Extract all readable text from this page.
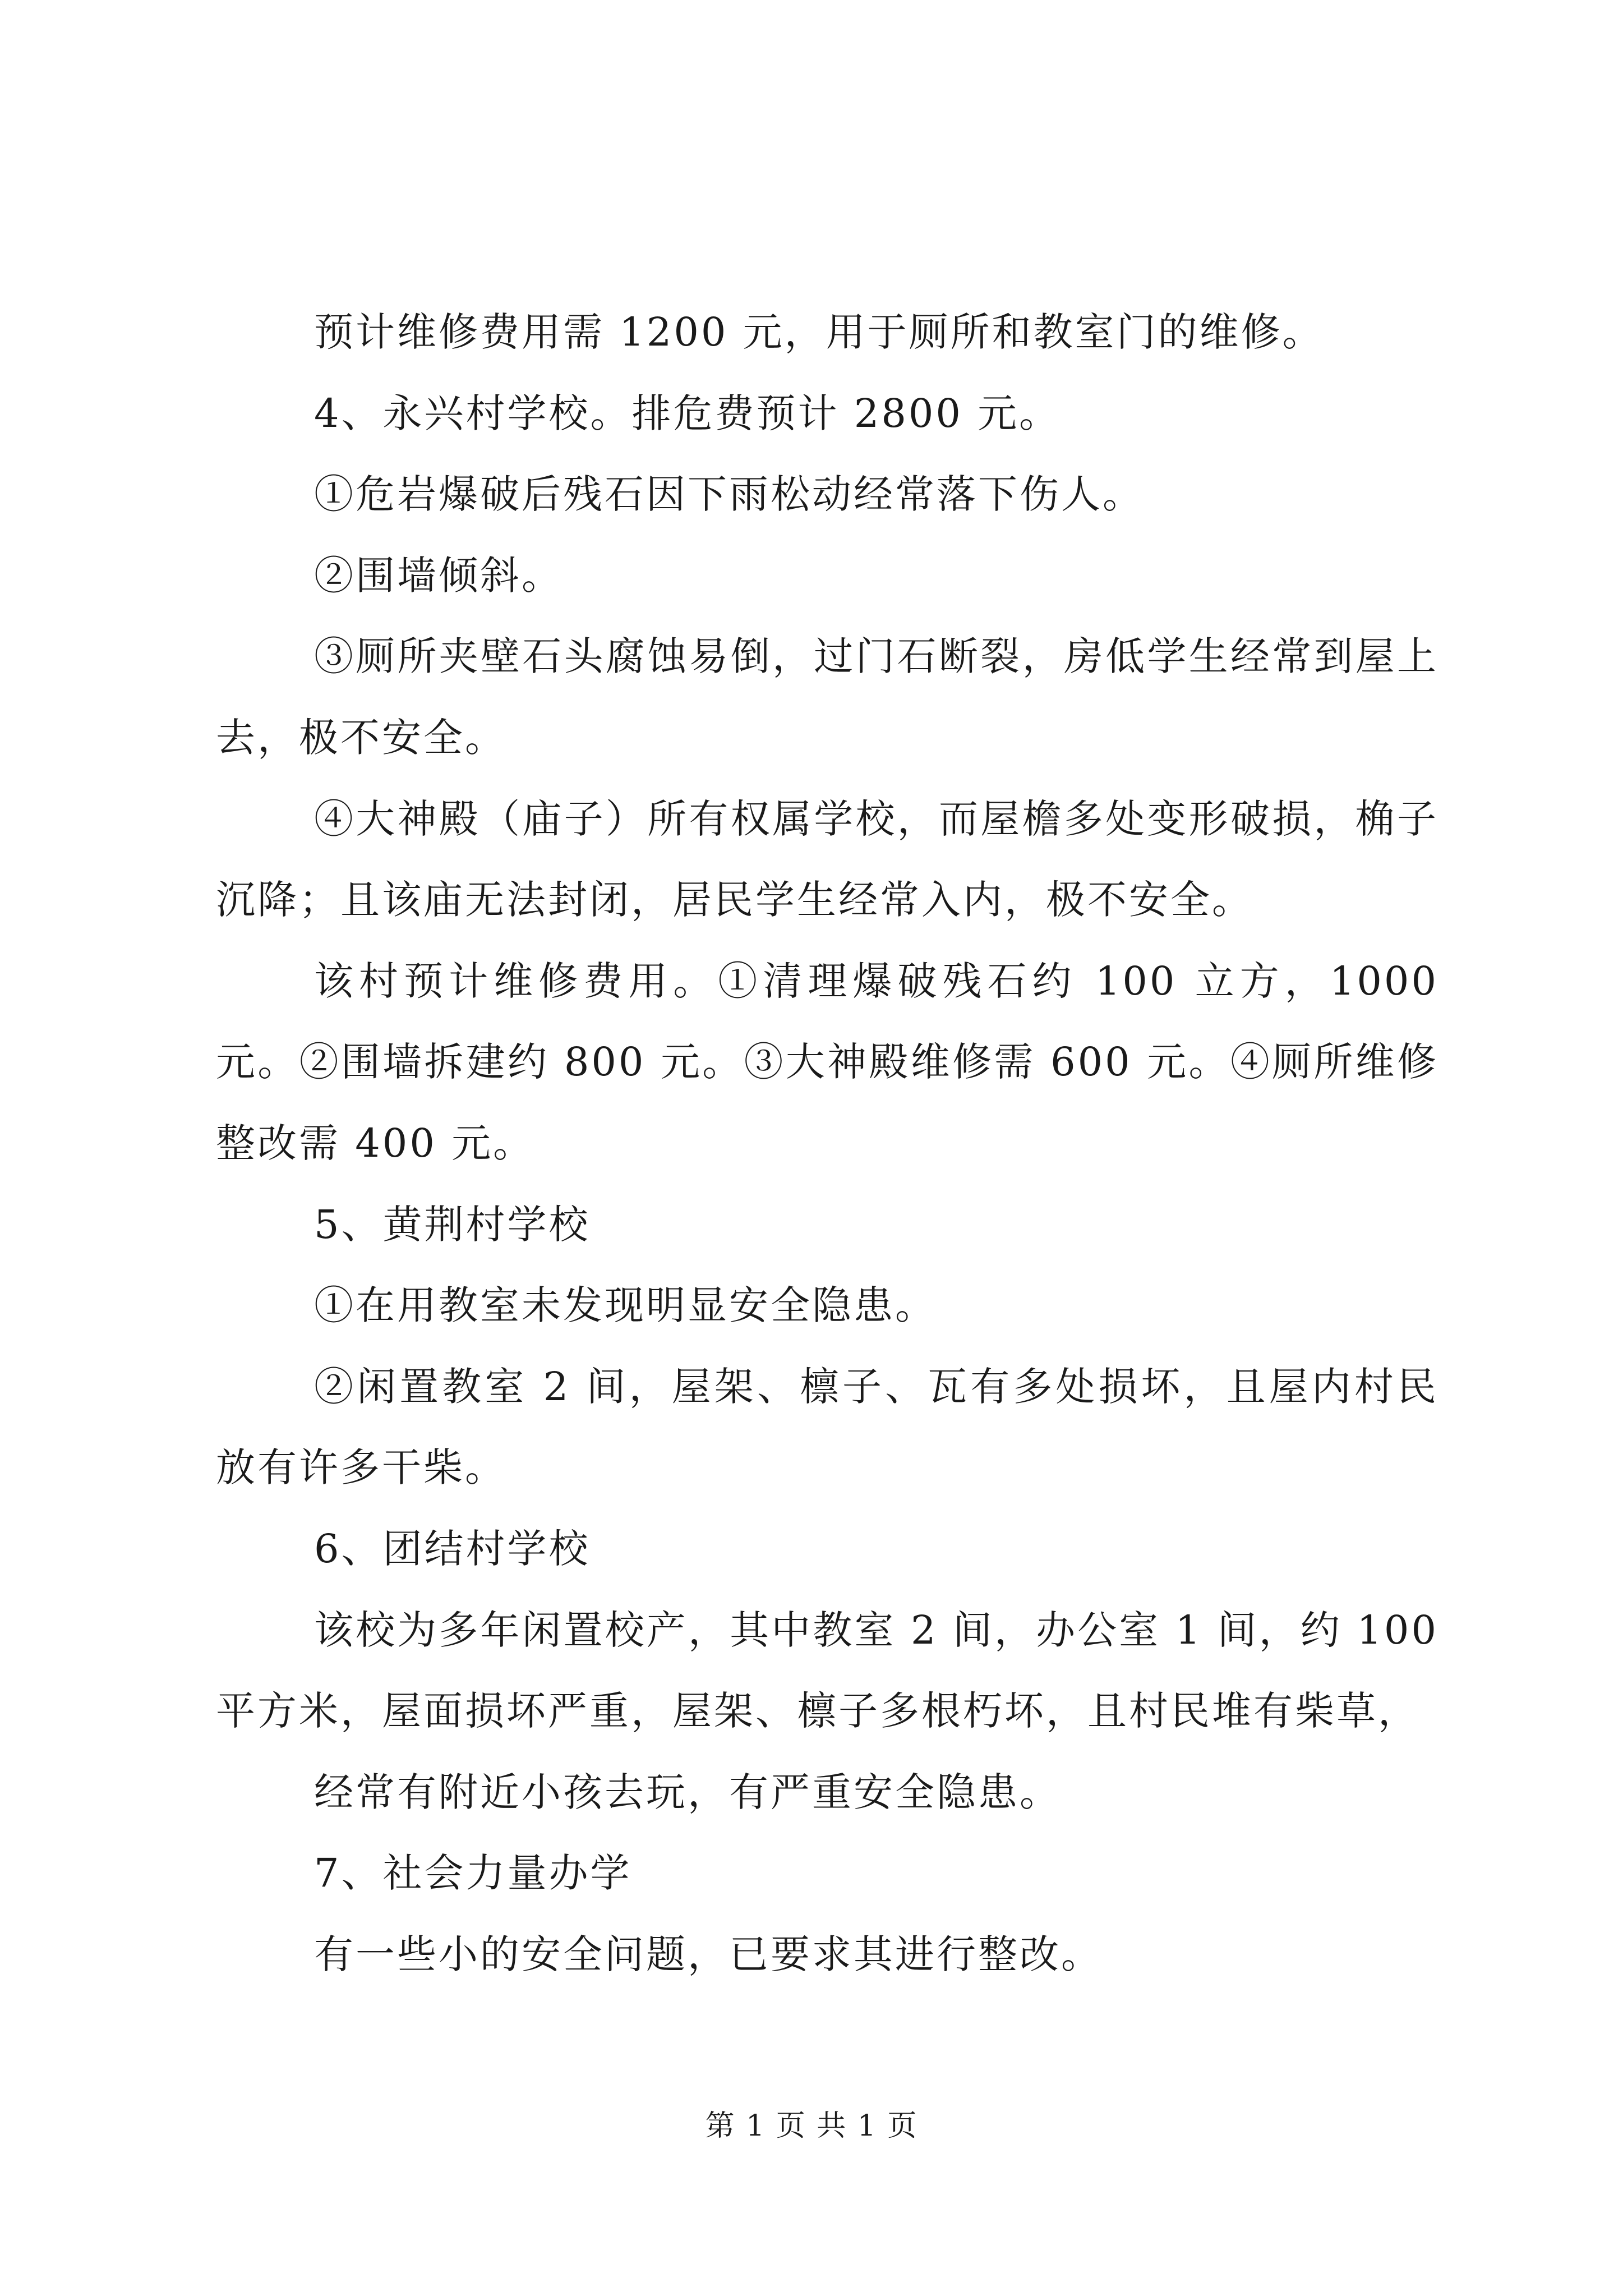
预计维修费用需 1200 元，用于厕所和教室门的维修。

4、永兴村学校。排危费预计 2800 元。

①危岩爆破后残石因下雨松动经常落下伤人。

②围墙倾斜。

③厕所夹壁石头腐蚀易倒，过门石断裂，房低学生经常到屋上去，极不安全。

④大神殿（庙子）所有权属学校，而屋檐多处变形破损，桷子沉降；且该庙无法封闭，居民学生经常入内，极不安全。

该村预计维修费用。①清理爆破残石约 100 立方，1000 元。②围墙拆建约 800 元。③大神殿维修需 600 元。④厕所维修整改需 400 元。

5、黄荆村学校

①在用教室未发现明显安全隐患。

②闲置教室 2 间，屋架、檩子、瓦有多处损坏，且屋内村民放有许多干柴。

6、团结村学校

该校为多年闲置校产，其中教室 2 间，办公室 1 间，约 100 平方米，屋面损坏严重，屋架、檩子多根朽坏，且村民堆有柴草，

经常有附近小孩去玩，有严重安全隐患。

7、社会力量办学

有一些小的安全问题，已要求其进行整改。

第 1 页 共 1 页
